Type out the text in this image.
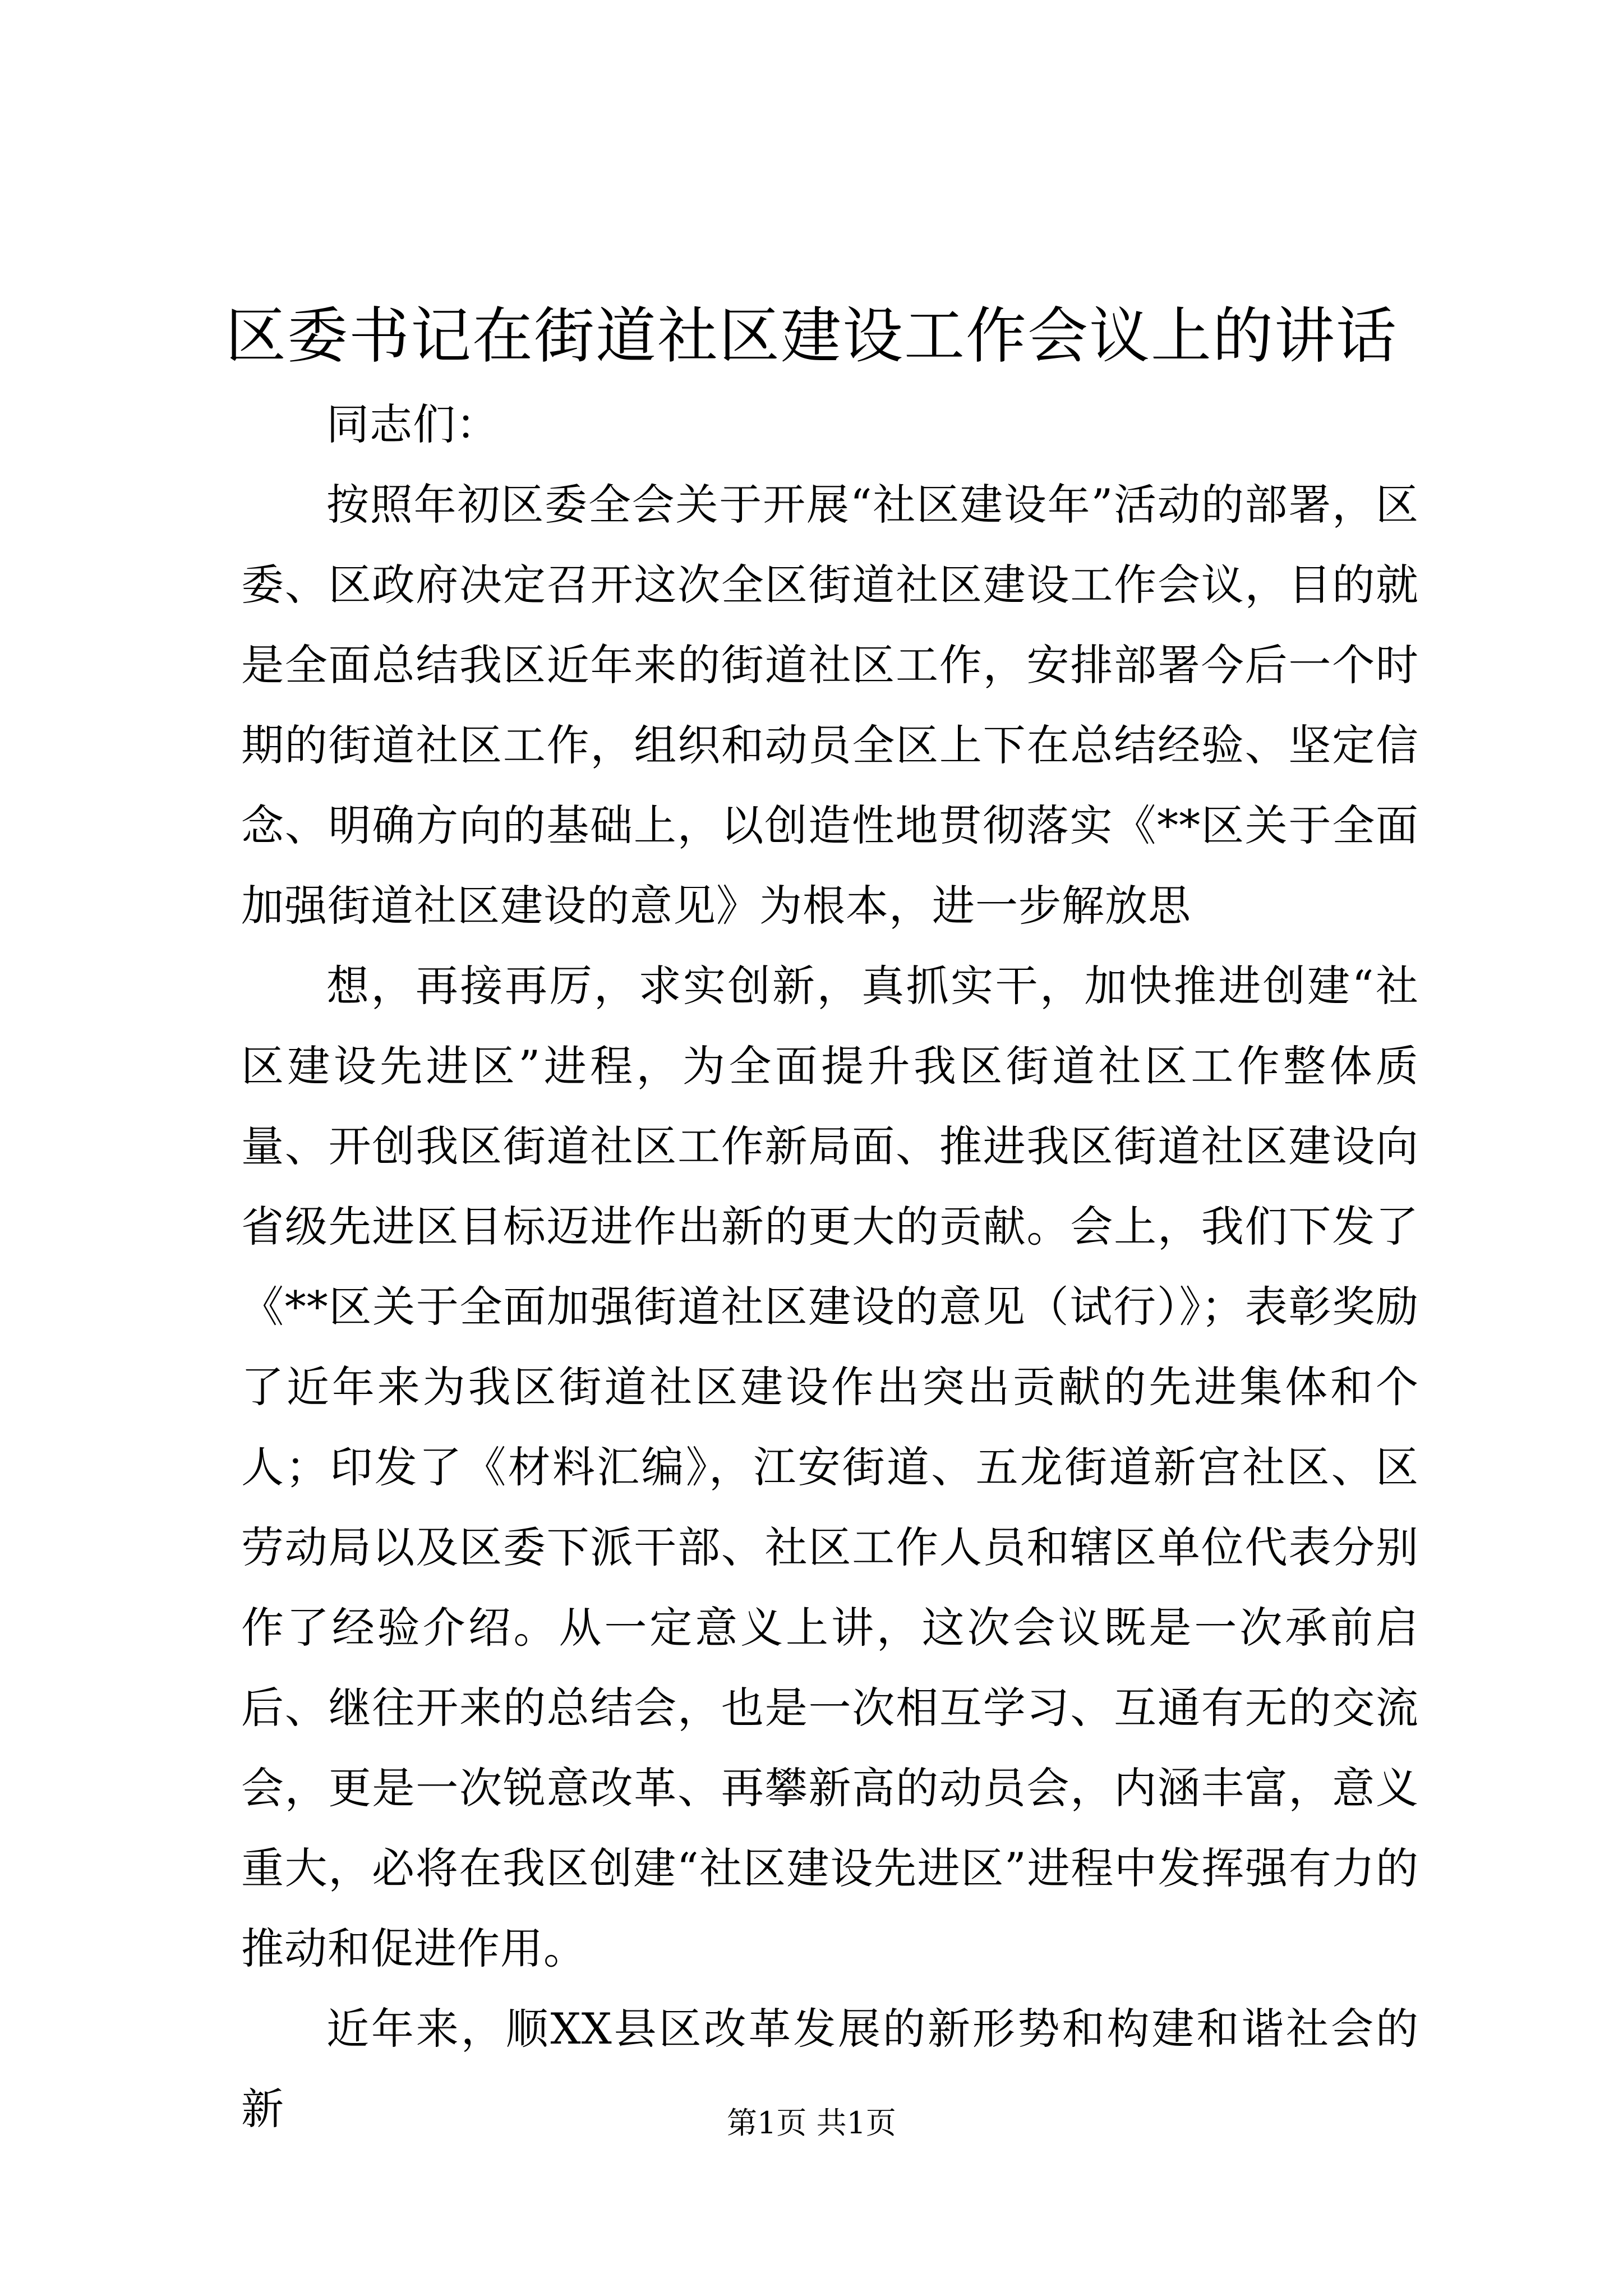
区委书记在街道社区建设工作会议上的讲话

同志们：

按照年初区委全会关于开展“社区建设年”活动的部署，区委、区政府决定召开这次全区街道社区建设工作会议，目的就是全面总结我区近年来的街道社区工作，安排部署今后一个时期的街道社区工作，组织和动员全区上下在总结经验、坚定信念、明确方向的基础上，以创造性地贯彻落实《**区关于全面加强街道社区建设的意见》为根本，进一步解放思

想，再接再厉，求实创新，真抓实干，加快推进创建“社区建设先进区”进程，为全面提升我区街道社区工作整体质量、开创我区街道社区工作新局面、推进我区街道社区建设向省级先进区目标迈进作出新的更大的贡献。会上，我们下发了《**区关于全面加强街道社区建设的意见（试行）》；表彰奖励了近年来为我区街道社区建设作出突出贡献的先进集体和个人；印发了《材料汇编》，江安街道、五龙街道新宫社区、区劳动局以及区委下派干部、社区工作人员和辖区单位代表分别作了经验介绍。从一定意义上讲，这次会议既是一次承前启后、继往开来的总结会，也是一次相互学习、互通有无的交流会，更是一次锐意改革、再攀新高的动员会，内涵丰富，意义重大，必将在我区创建“社区建设先进区”进程中发挥强有力的推动和促进作用。

近年来，顺XX县区改革发展的新形势和构建和谐社会的新	第1页 共1页
